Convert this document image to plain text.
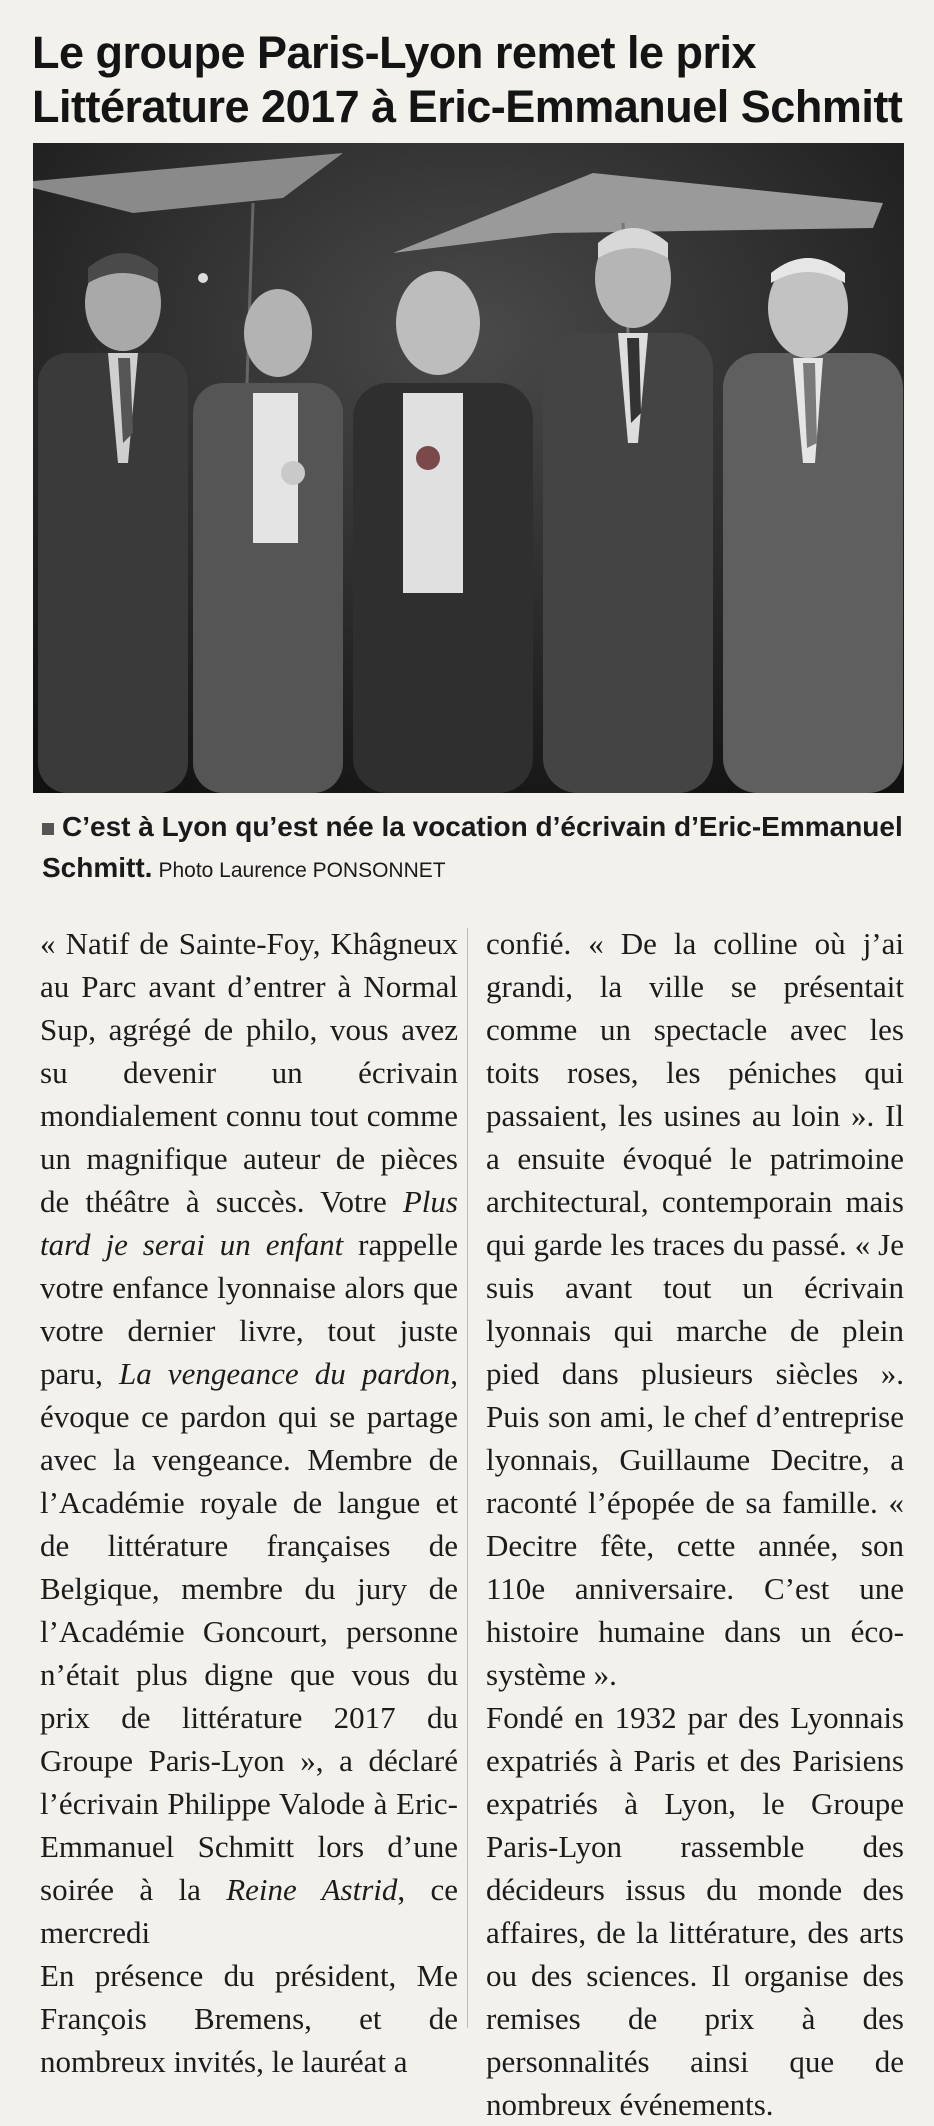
Le groupe Paris-Lyon remet le prix
Littérature 2017 à Eric-Emmanuel Schmitt
C’est à Lyon qu’est née la vocation d’écrivain d’Eric-Emmanuel Schmitt. Photo Laurence PONSONNET

« Natif de Sainte-Foy, Khâgneux au Parc avant d’entrer à Normal Sup, agrégé de philo, vous avez su devenir un écrivain mondialement connu tout comme un magnifique auteur de pièces de théâtre à succès. Votre Plus tard je serai un enfant rappelle votre enfance lyonnaise alors que votre dernier livre, tout juste paru, La vengeance du pardon, évoque ce pardon qui se partage avec la vengeance. Membre de l’Académie royale de langue et de littérature françaises de Belgique, membre du jury de l’Académie Goncourt, personne n’était plus digne que vous du prix de littérature 2017 du Groupe Paris-Lyon », a déclaré l’écrivain Philippe Valode à Eric-Emmanuel Schmitt lors d’une soirée à la Reine Astrid, ce mercredi

En présence du président, Me François Bremens, et de nombreux invités, le lauréat a

confié. « De la colline où j’ai grandi, la ville se présentait comme un spectacle avec les toits roses, les péniches qui passaient, les usines au loin ». Il a ensuite évoqué le patrimoine architectural, contemporain mais qui garde les traces du passé. « Je suis avant tout un écrivain lyonnais qui marche de plein pied dans plusieurs siècles ». Puis son ami, le chef d’entreprise lyonnais, Guillaume Decitre, a raconté l’épopée de sa famille. « Decitre fête, cette année, son 110e anniversaire. C’est une histoire humaine dans un éco-système ».

Fondé en 1932 par des Lyonnais expatriés à Paris et des Parisiens expatriés à Lyon, le Groupe Paris-Lyon rassemble des décideurs issus du monde des affaires, de la littérature, des arts ou des sciences. Il organise des remises de prix à des personnalités ainsi que de nombreux événements.
